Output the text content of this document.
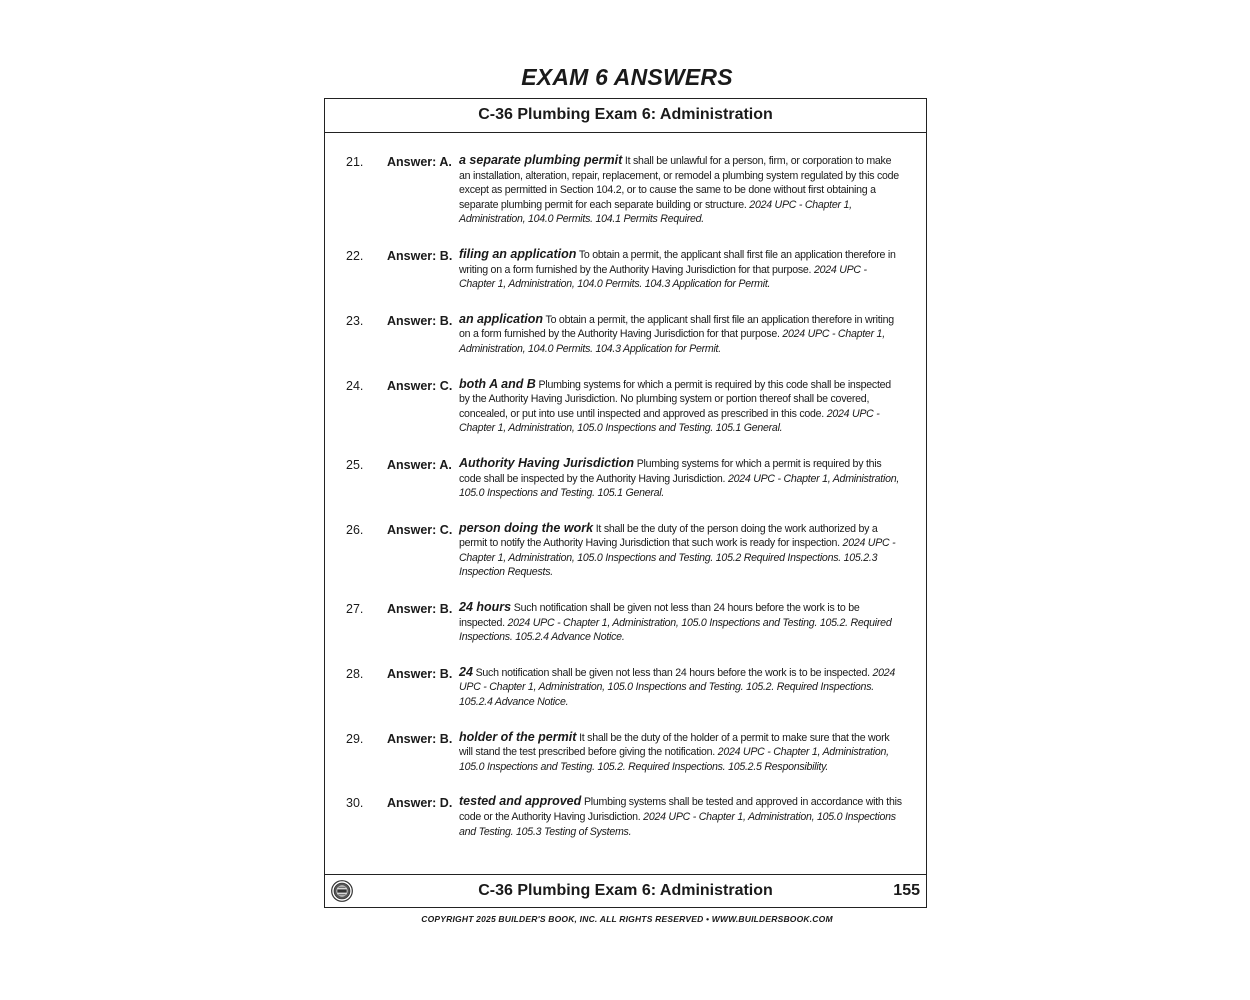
EXAM 6 ANSWERS
C-36 Plumbing Exam 6: Administration
21. Answer: A. a separate plumbing permit It shall be unlawful for a person, firm, or corporation to make an installation, alteration, repair, replacement, or remodel a plumbing system regulated by this code except as permitted in Section 104.2, or to cause the same to be done without first obtaining a separate plumbing permit for each separate building or structure. 2024 UPC - Chapter 1, Administration, 104.0 Permits. 104.1 Permits Required.
22. Answer: B. filing an application To obtain a permit, the applicant shall first file an application therefore in writing on a form furnished by the Authority Having Jurisdiction for that purpose. 2024 UPC - Chapter 1, Administration, 104.0 Permits. 104.3 Application for Permit.
23. Answer: B. an application To obtain a permit, the applicant shall first file an application therefore in writing on a form furnished by the Authority Having Jurisdiction for that purpose. 2024 UPC - Chapter 1, Administration, 104.0 Permits. 104.3 Application for Permit.
24. Answer: C. both A and B Plumbing systems for which a permit is required by this code shall be inspected by the Authority Having Jurisdiction. No plumbing system or portion thereof shall be covered, concealed, or put into use until inspected and approved as prescribed in this code. 2024 UPC - Chapter 1, Administration, 105.0 Inspections and Testing. 105.1 General.
25. Answer: A. Authority Having Jurisdiction Plumbing systems for which a permit is required by this code shall be inspected by the Authority Having Jurisdiction. 2024 UPC - Chapter 1, Administration, 105.0 Inspections and Testing. 105.1 General.
26. Answer: C. person doing the work It shall be the duty of the person doing the work authorized by a permit to notify the Authority Having Jurisdiction that such work is ready for inspection. 2024 UPC - Chapter 1, Administration, 105.0 Inspections and Testing. 105.2 Required Inspections. 105.2.3 Inspection Requests.
27. Answer: B. 24 hours Such notification shall be given not less than 24 hours before the work is to be inspected. 2024 UPC - Chapter 1, Administration, 105.0 Inspections and Testing. 105.2. Required Inspections. 105.2.4 Advance Notice.
28. Answer: B. 24 Such notification shall be given not less than 24 hours before the work is to be inspected. 2024 UPC - Chapter 1, Administration, 105.0 Inspections and Testing. 105.2. Required Inspections. 105.2.4 Advance Notice.
29. Answer: B. holder of the permit It shall be the duty of the holder of a permit to make sure that the work will stand the test prescribed before giving the notification. 2024 UPC - Chapter 1, Administration, 105.0 Inspections and Testing. 105.2. Required Inspections. 105.2.5 Responsibility.
30. Answer: D. tested and approved Plumbing systems shall be tested and approved in accordance with this code or the Authority Having Jurisdiction. 2024 UPC - Chapter 1, Administration, 105.0 Inspections and Testing. 105.3 Testing of Systems.
C-36 Plumbing Exam 6: Administration	155
COPYRIGHT 2025 BUILDER'S BOOK, INC. ALL RIGHTS RESERVED • WWW.BUILDERSBOOK.COM
